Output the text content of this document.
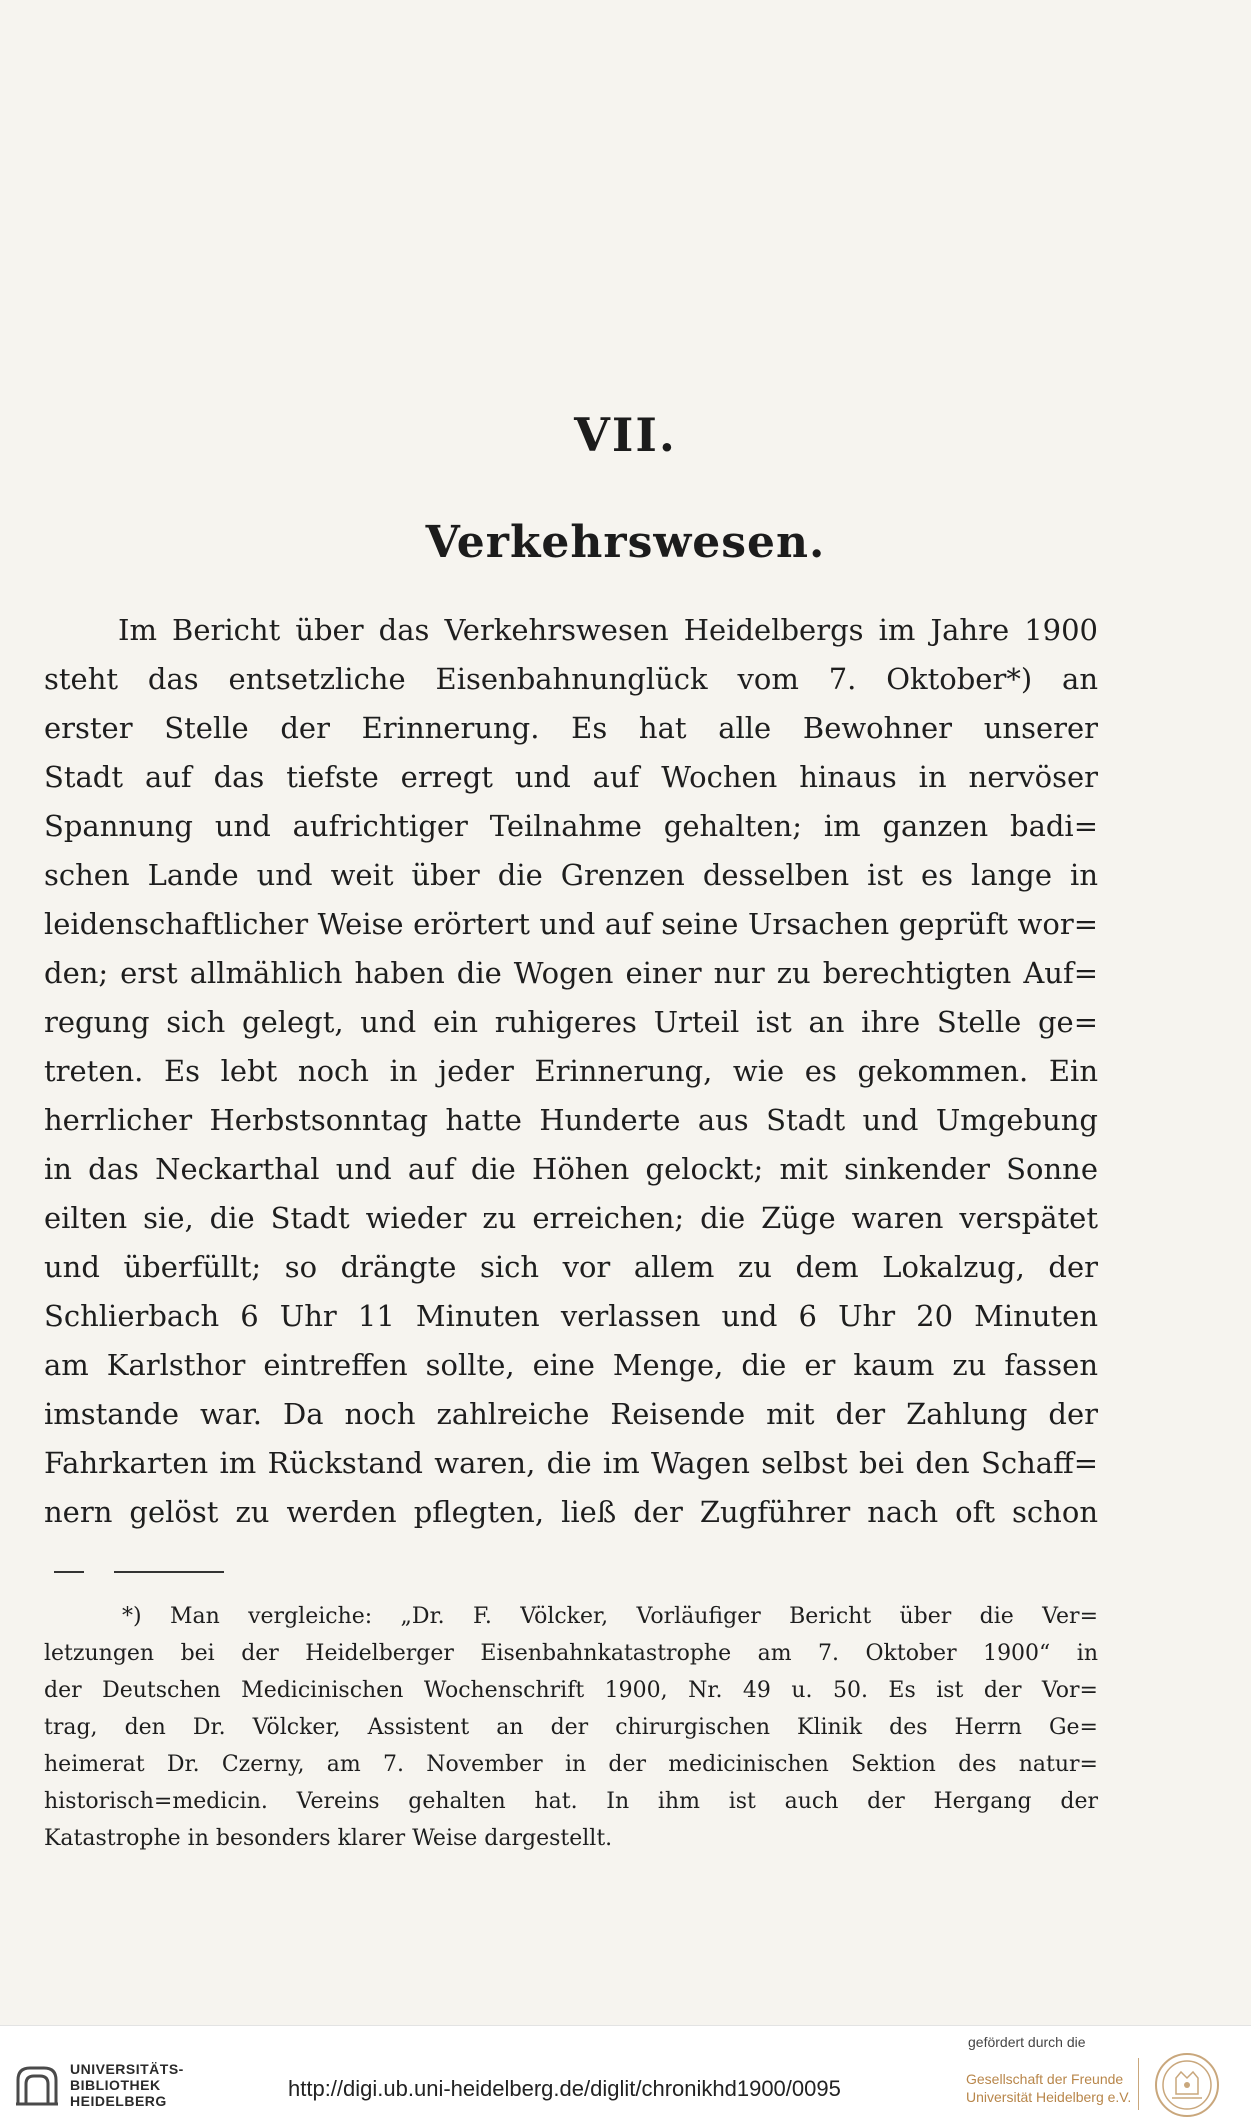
VII.
Verkehrswesen.
Im Bericht über das Verkehrswesen Heidelbergs im Jahre 1900
steht das entsetzliche Eisenbahnunglück vom 7. Oktober*) an
erster Stelle der Erinnerung. Es hat alle Bewohner unserer
Stadt auf das tiefste erregt und auf Wochen hinaus in nervöser
Spannung und aufrichtiger Teilnahme gehalten; im ganzen badi=
schen Lande und weit über die Grenzen desselben ist es lange in
leidenschaftlicher Weise erörtert und auf seine Ursachen geprüft wor=
den; erst allmählich haben die Wogen einer nur zu berechtigten Auf=
regung sich gelegt, und ein ruhigeres Urteil ist an ihre Stelle ge=
treten. Es lebt noch in jeder Erinnerung, wie es gekommen. Ein
herrlicher Herbstsonntag hatte Hunderte aus Stadt und Umgebung
in das Neckarthal und auf die Höhen gelockt; mit sinkender Sonne
eilten sie, die Stadt wieder zu erreichen; die Züge waren verspätet
und überfüllt; so drängte sich vor allem zu dem Lokalzug, der
Schlierbach 6 Uhr 11 Minuten verlassen und 6 Uhr 20 Minuten
am Karlsthor eintreffen sollte, eine Menge, die er kaum zu fassen
imstande war. Da noch zahlreiche Reisende mit der Zahlung der
Fahrkarten im Rückstand waren, die im Wagen selbst bei den Schaff=
nern gelöst zu werden pflegten, ließ der Zugführer nach oft schon
*) Man vergleiche: „Dr. F. Völcker, Vorläufiger Bericht über die Ver=
letzungen bei der Heidelberger Eisenbahnkatastrophe am 7. Oktober 1900“ in
der Deutschen Medicinischen Wochenschrift 1900, Nr. 49 u. 50. Es ist der Vor=
trag, den Dr. Völcker, Assistent an der chirurgischen Klinik des Herrn Ge=
heimerat Dr. Czerny, am 7. November in der medicinischen Sektion des natur=
historisch=medicin. Vereins gehalten hat. In ihm ist auch der Hergang der
Katastrophe in besonders klarer Weise dargestellt.
UNIVERSITÄTS-
BIBLIOTHEK
HEIDELBERG	http://digi.ub.uni-heidelberg.de/diglit/chronikhd1900/0095
gefördert durch die
Gesellschaft der Freunde
Universität Heidelberg e.V.
